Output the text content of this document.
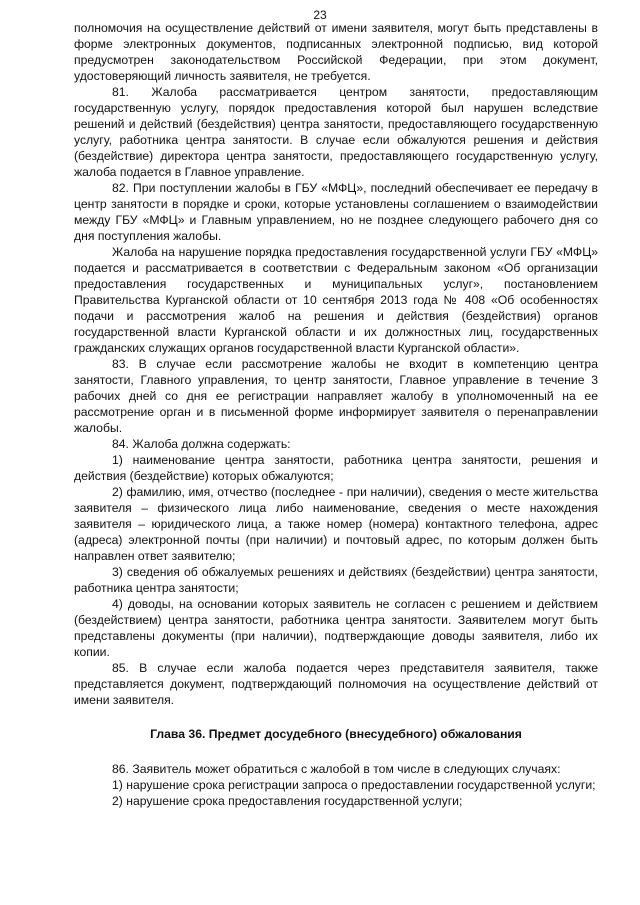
23

полномочия на осуществление действий от имени заявителя, могут быть представлены в форме электронных документов, подписанных электронной подписью, вид которой предусмотрен законодательством Российской Федерации, при этом документ, удостоверяющий личность заявителя, не требуется.

81. Жалоба рассматривается центром занятости, предоставляющим государственную услугу, порядок предоставления которой был нарушен вследствие решений и действий (бездействия) центра занятости, предоставляющего государственную услугу, работника центра занятости. В случае если обжалуются решения и действия (бездействие) директора центра занятости, предоставляющего государственную услугу, жалоба подается в Главное управление.

82. При поступлении жалобы в ГБУ «МФЦ», последний обеспечивает ее передачу в центр занятости в порядке и сроки, которые установлены соглашением о взаимодействии между ГБУ «МФЦ» и Главным управлением, но не позднее следующего рабочего дня со дня поступления жалобы.

Жалоба на нарушение порядка предоставления государственной услуги ГБУ «МФЦ» подается и рассматривается в соответствии с Федеральным законом «Об организации предоставления государственных и муниципальных услуг», постановлением Правительства Курганской области от 10 сентября 2013 года № 408 «Об особенностях подачи и рассмотрения жалоб на решения и действия (бездействия) органов государственной власти Курганской области и их должностных лиц, государственных гражданских служащих органов государственной власти Курганской области».

83. В случае если рассмотрение жалобы не входит в компетенцию центра занятости, Главного управления, то центр занятости, Главное управление в течение 3 рабочих дней со дня ее регистрации направляет жалобу в уполномоченный на ее рассмотрение орган и в письменной форме информирует заявителя о перенаправлении жалобы.

84. Жалоба должна содержать:

1) наименование центра занятости, работника центра занятости, решения и действия (бездействие) которых обжалуются;

2) фамилию, имя, отчество (последнее - при наличии), сведения о месте жительства заявителя – физического лица либо наименование, сведения о месте нахождения заявителя – юридического лица, а также номер (номера) контактного телефона, адрес (адреса) электронной почты (при наличии) и почтовый адрес, по которым должен быть направлен ответ заявителю;

3) сведения об обжалуемых решениях и действиях (бездействии) центра занятости, работника центра занятости;

4) доводы, на основании которых заявитель не согласен с решением и действием (бездействием) центра занятости, работника центра занятости. Заявителем могут быть представлены документы (при наличии), подтверждающие доводы заявителя, либо их копии.

85. В случае если жалоба подается через представителя заявителя, также представляется документ, подтверждающий полномочия на осуществление действий от имени заявителя.

Глава 36. Предмет досудебного (внесудебного) обжалования

86. Заявитель может обратиться с жалобой в том числе в следующих случаях:

1) нарушение срока регистрации запроса о предоставлении государственной услуги;

2) нарушение срока предоставления государственной услуги;
